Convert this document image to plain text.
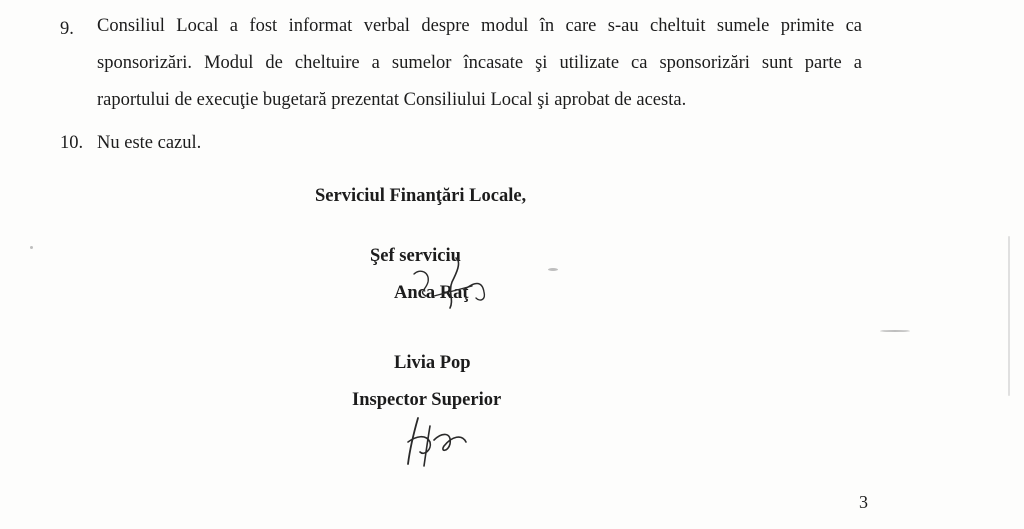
9. Consiliul Local a fost informat verbal despre modul în care s-au cheltuit sumele primite ca
sponsorizări. Modul de cheltuire a sumelor încasate şi utilizate ca sponsorizări sunt parte a
raportului de execuţie bugetară prezentat Consiliului Local şi aprobat de acesta.
10. Nu este cazul.
Serviciul Finanţări Locale,
Şef serviciu
Anca Raţ
Livia Pop
Inspector Superior
3
